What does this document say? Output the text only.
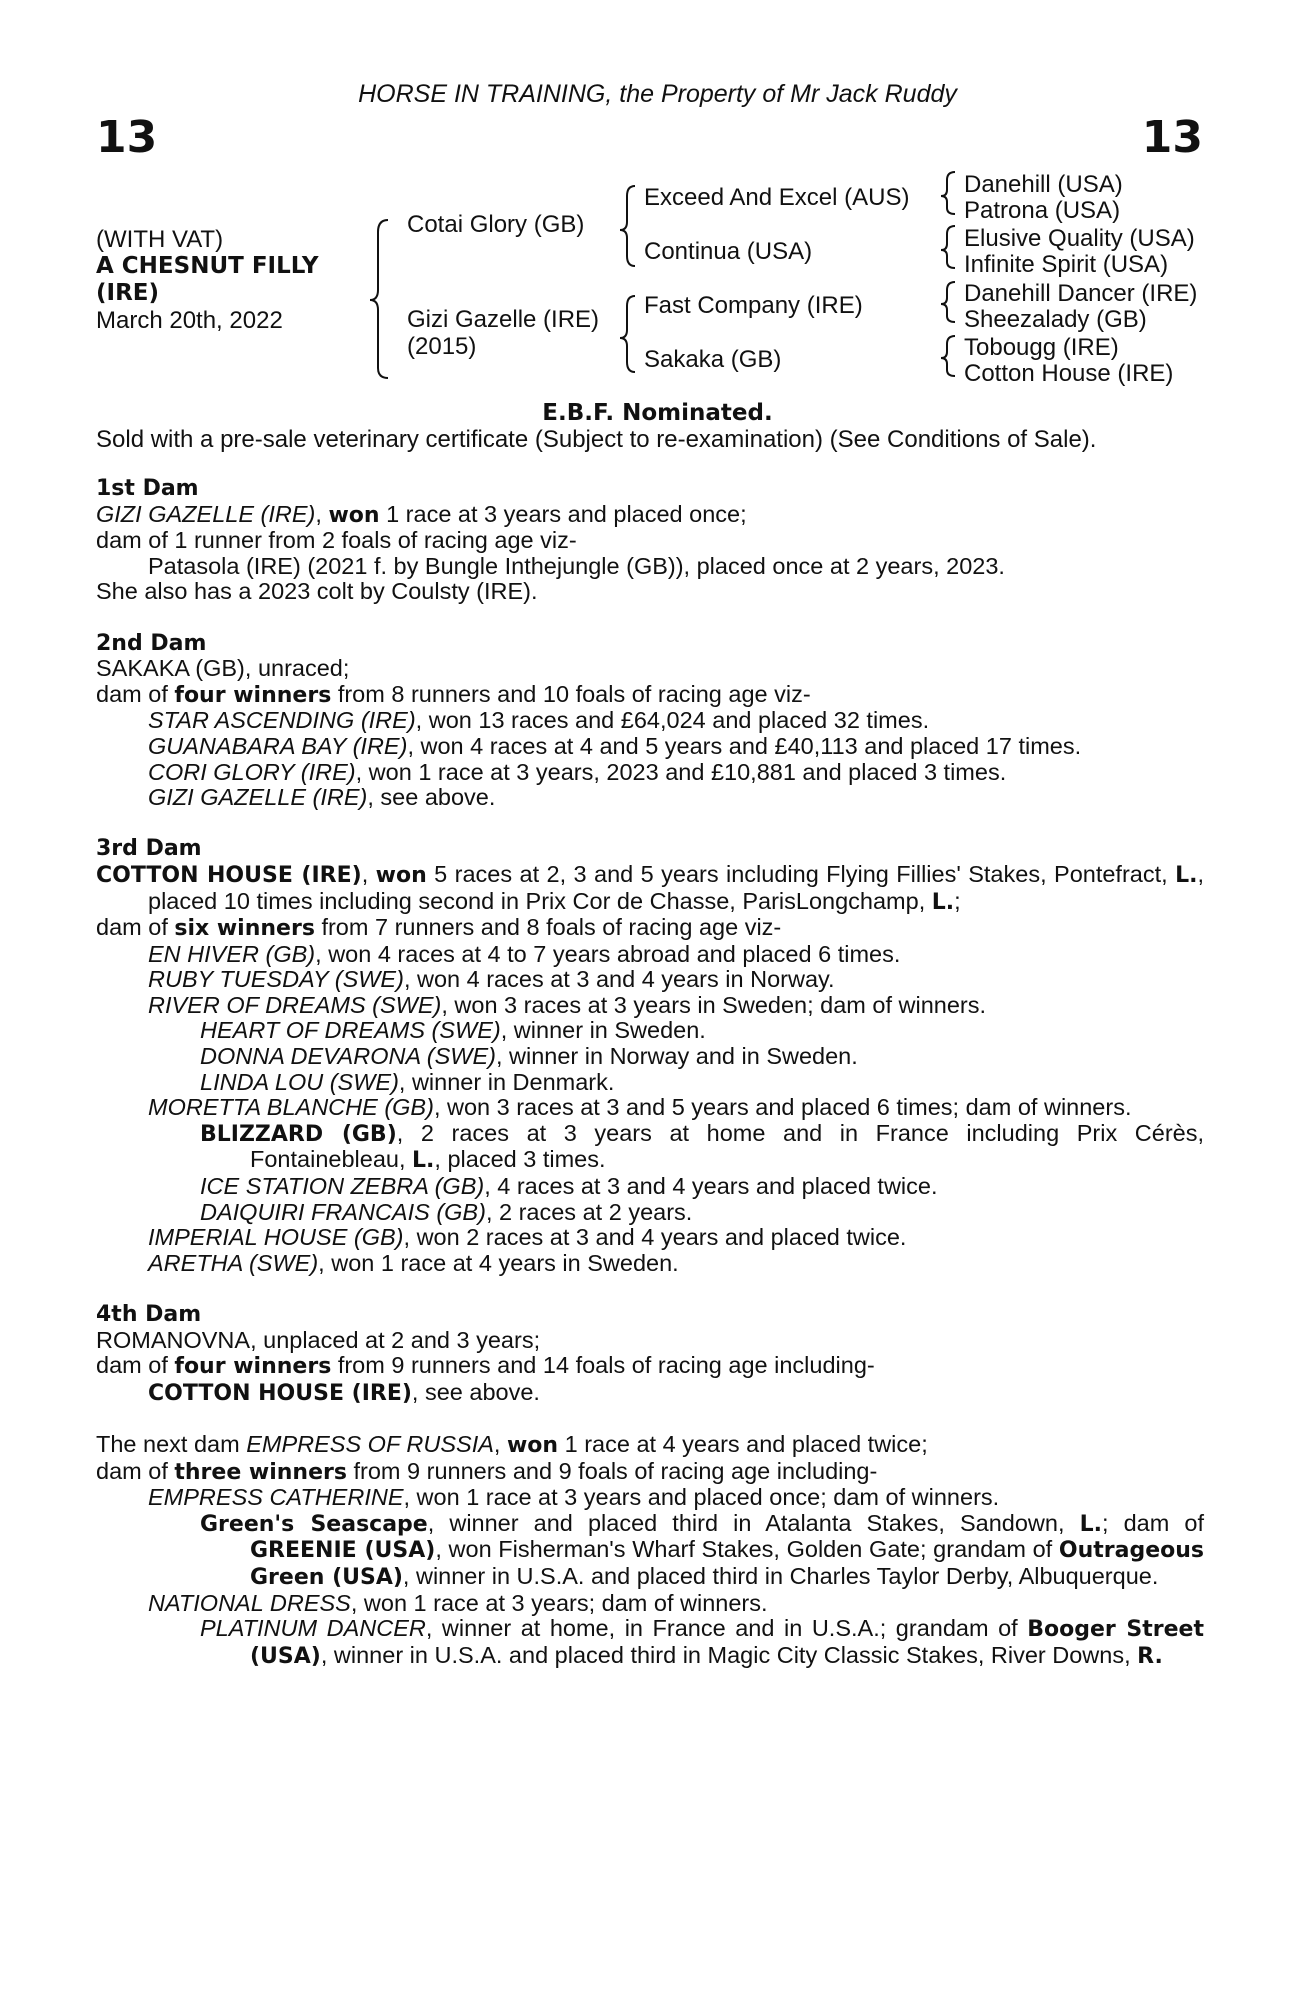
HORSE IN TRAINING, the Property of Mr Jack Ruddy
13	13
(WITH VAT)
A CHESNUT FILLY
(IRE)
March 20th, 2022
Cotai Glory (GB)
Gizi Gazelle (IRE)
(2015)
Exceed And Excel (AUS)
Continua (USA)
Fast Company (IRE)
Sakaka (GB)
Danehill (USA)
Patrona (USA)
Elusive Quality (USA)
Infinite Spirit (USA)
Danehill Dancer (IRE)
Sheezalady (GB)
Tobougg (IRE)
Cotton House (IRE)
E.B.F. Nominated.
Sold with a pre-sale veterinary certificate (Subject to re-examination) (See Conditions of Sale).
1st Dam
GIZI GAZELLE (IRE), won 1 race at 3 years and placed once;
dam of 1 runner from 2 foals of racing age viz-
Patasola (IRE) (2021 f. by Bungle Inthejungle (GB)), placed once at 2 years, 2023.
She also has a 2023 colt by Coulsty (IRE).
2nd Dam
SAKAKA (GB), unraced;
dam of four winners from 8 runners and 10 foals of racing age viz-
STAR ASCENDING (IRE), won 13 races and £64,024 and placed 32 times.
GUANABARA BAY (IRE), won 4 races at 4 and 5 years and £40,113 and placed 17 times.
CORI GLORY (IRE), won 1 race at 3 years, 2023 and £10,881 and placed 3 times.
GIZI GAZELLE (IRE), see above.
3rd Dam
COTTON HOUSE (IRE), won 5 races at 2, 3 and 5 years including Flying Fillies' Stakes, Pontefract, L., placed 10 times including second in Prix Cor de Chasse, ParisLongchamp, L.;
dam of six winners from 7 runners and 8 foals of racing age viz-
EN HIVER (GB), won 4 races at 4 to 7 years abroad and placed 6 times.
RUBY TUESDAY (SWE), won 4 races at 3 and 4 years in Norway.
RIVER OF DREAMS (SWE), won 3 races at 3 years in Sweden; dam of winners.
HEART OF DREAMS (SWE), winner in Sweden.
DONNA DEVARONA (SWE), winner in Norway and in Sweden.
LINDA LOU (SWE), winner in Denmark.
MORETTA BLANCHE (GB), won 3 races at 3 and 5 years and placed 6 times; dam of winners.
BLIZZARD (GB), 2 races at 3 years at home and in France including Prix Cérès, Fontainebleau, L., placed 3 times.
ICE STATION ZEBRA (GB), 4 races at 3 and 4 years and placed twice.
DAIQUIRI FRANCAIS (GB), 2 races at 2 years.
IMPERIAL HOUSE (GB), won 2 races at 3 and 4 years and placed twice.
ARETHA (SWE), won 1 race at 4 years in Sweden.
4th Dam
ROMANOVNA, unplaced at 2 and 3 years;
dam of four winners from 9 runners and 14 foals of racing age including-
COTTON HOUSE (IRE), see above.
The next dam EMPRESS OF RUSSIA, won 1 race at 4 years and placed twice;
dam of three winners from 9 runners and 9 foals of racing age including-
EMPRESS CATHERINE, won 1 race at 3 years and placed once; dam of winners.
Green's Seascape, winner and placed third in Atalanta Stakes, Sandown, L.; dam of GREENIE (USA), won Fisherman's Wharf Stakes, Golden Gate; grandam of Outrageous Green (USA), winner in U.S.A. and placed third in Charles Taylor Derby, Albuquerque.
NATIONAL DRESS, won 1 race at 3 years; dam of winners.
PLATINUM DANCER, winner at home, in France and in U.S.A.; grandam of Booger Street (USA), winner in U.S.A. and placed third in Magic City Classic Stakes, River Downs, R.
